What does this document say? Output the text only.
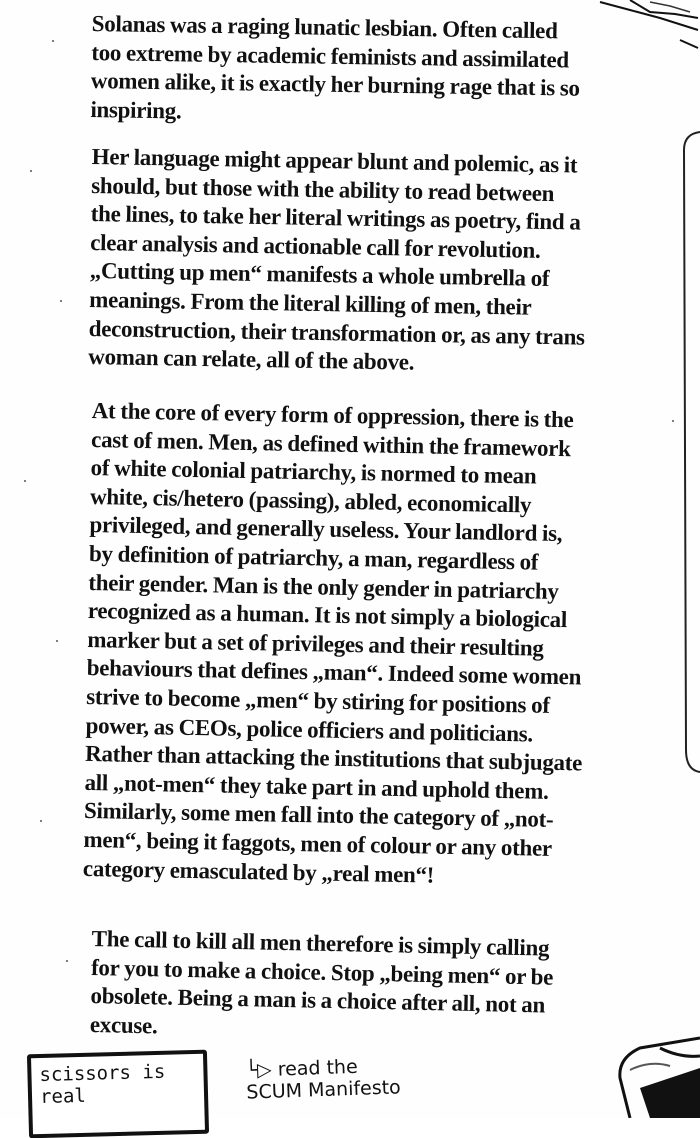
Solanas was a raging lunatic lesbian. Often called
too extreme by academic feminists and assimilated
women alike, it is exactly her burning rage that is so
inspiring.
Her language might appear blunt and polemic, as it
should, but those with the ability to read between
the lines, to take her literal writings as poetry, find a
clear analysis and actionable call for revolution.
„Cutting up men“ manifests a whole umbrella of
meanings. From the literal killing of men, their
deconstruction, their transformation or, as any trans
woman can relate, all of the above.
At the core of every form of oppression, there is the
cast of men. Men, as defined within the framework
of white colonial patriarchy, is normed to mean
white, cis/hetero (passing), abled, economically
privileged, and generally useless. Your landlord is,
by definition of patriarchy, a man, regardless of
their gender. Man is the only gender in patriarchy
recognized as a human. It is not simply a biological
marker but a set of privileges and their resulting
behaviours that defines „man“. Indeed some women
strive to become „men“ by stiring for positions of
power, as CEOs, police officiers and politicians.
Rather than attacking the institutions that subjugate
all „not-men“ they take part in and uphold them.
Similarly, some men fall into the category of „not-
men“, being it faggots, men of colour or any other
category emasculated by „real men“!
The call to kill all men therefore is simply calling
for you to make a choice. Stop „being men“ or be
obsolete. Being a man is a choice after all, not an
excuse.
scissors is
real
└▷ read the
SCUM Manifesto
